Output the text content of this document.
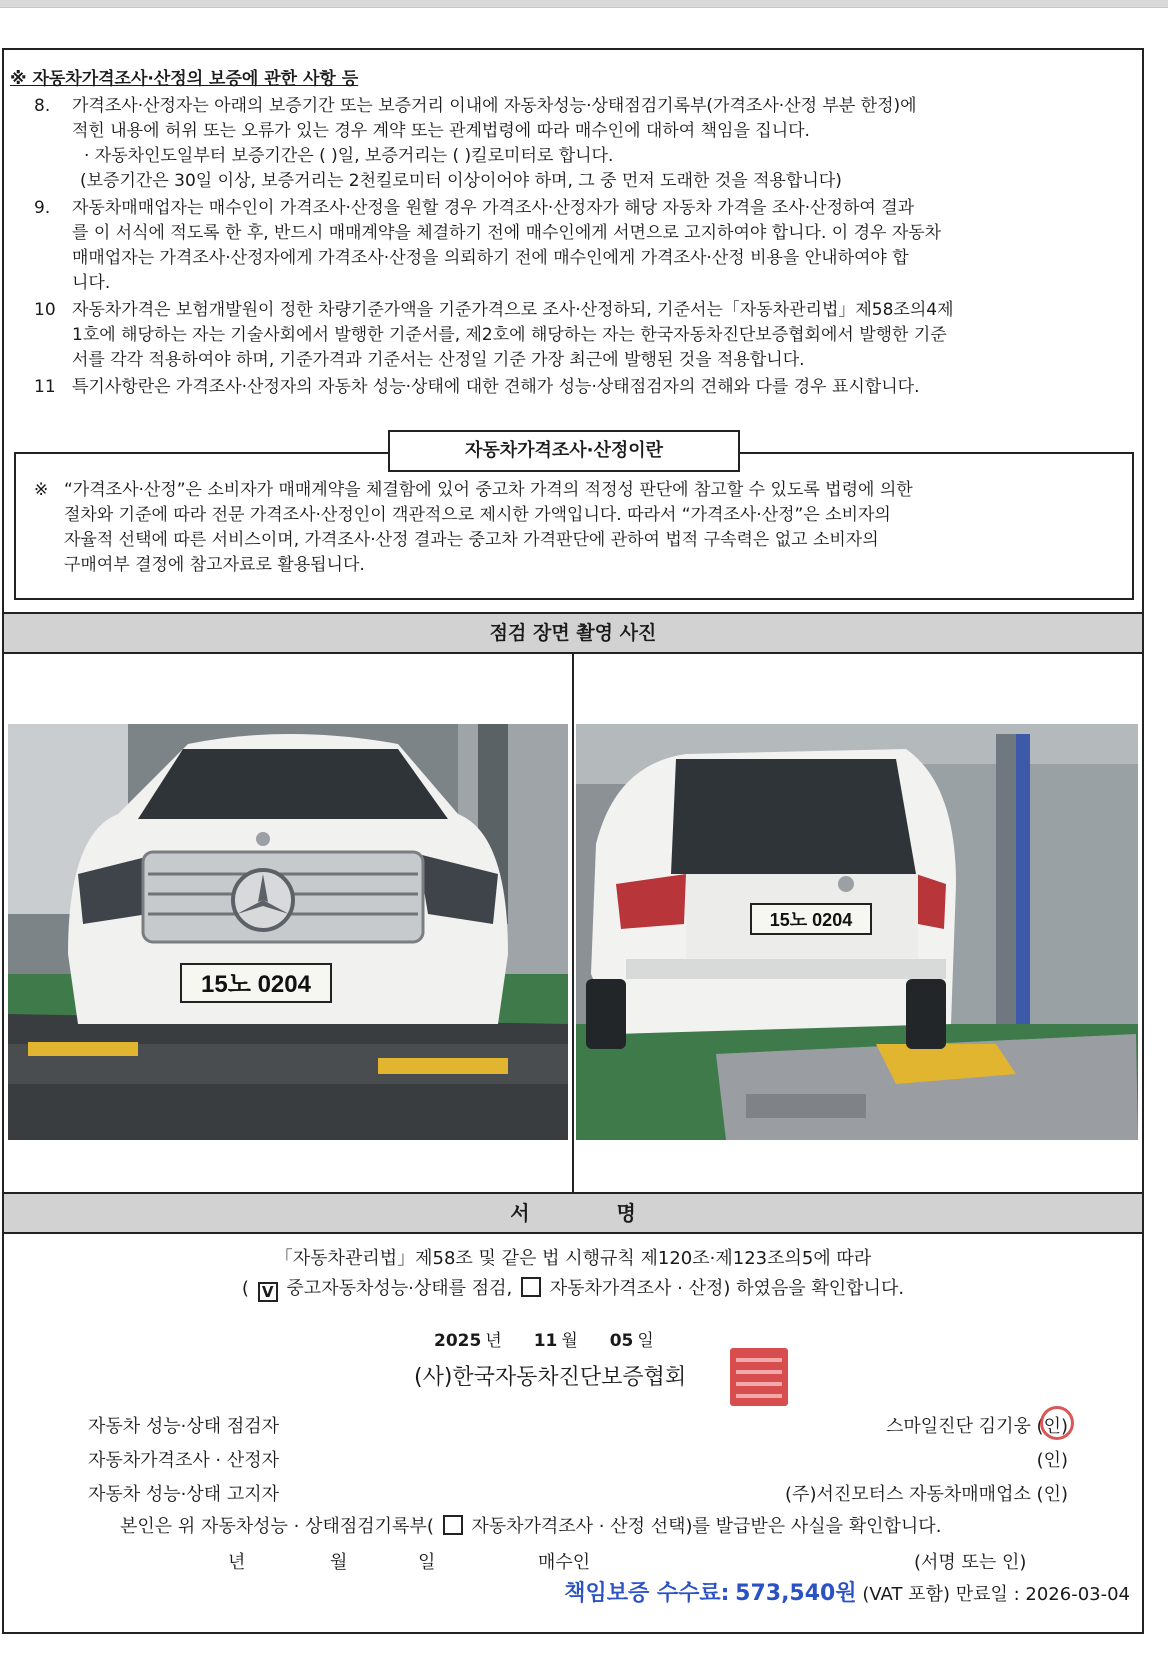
※ 자동차가격조사·산정의 보증에 관한 사항 등
8. 가격조사·산정자는 아래의 보증기간 또는 보증거리 이내에 자동차성능·상태점검기록부(가격조사·산정 부분 한정)에

적힌 내용에 허위 또는 오류가 있는 경우 계약 또는 관계법령에 따라 매수인에 대하여 책임을 집니다.

· 자동차인도일부터 보증기간은 ( )일, 보증거리는 ( )킬로미터로 합니다.

(보증기간은 30일 이상, 보증거리는 2천킬로미터 이상이어야 하며, 그 중 먼저 도래한 것을 적용합니다)

9. 자동차매매업자는 매수인이 가격조사·산정을 원할 경우 가격조사·산정자가 해당 자동차 가격을 조사·산정하여 결과

를 이 서식에 적도록 한 후, 반드시 매매계약을 체결하기 전에 매수인에게 서면으로 고지하여야 합니다. 이 경우 자동차

매매업자는 가격조사·산정자에게 가격조사·산정을 의뢰하기 전에 매수인에게 가격조사·산정 비용을 안내하여야 합

니다.

10 자동차가격은 보험개발원이 정한 차량기준가액을 기준가격으로 조사·산정하되, 기준서는「자동차관리법」제58조의4제

1호에 해당하는 자는 기술사회에서 발행한 기준서를, 제2호에 해당하는 자는 한국자동차진단보증협회에서 발행한 기준

서를 각각 적용하여야 하며, 기준가격과 기준서는 산정일 기준 가장 최근에 발행된 것을 적용합니다.

11 특기사항란은 가격조사·산정자의 자동차 성능·상태에 대한 견해가 성능·상태점검자의 견해와 다를 경우 표시합니다.

자동차가격조사·산정이란
※ “가격조사·산정”은 소비자가 매매계약을 체결함에 있어 중고차 가격의 적정성 판단에 참고할 수 있도록 법령에 의한

절차와 기준에 따라 전문 가격조사·산정인이 객관적으로 제시한 가액입니다. 따라서 “가격조사·산정”은 소비자의

자율적 선택에 따른 서비스이며, 가격조사·산정 결과는 중고차 가격판단에 관하여 법적 구속력은 없고 소비자의

구매여부 결정에 참고자료로 활용됩니다.

점검 장면 촬영 사진
15노 0204
15노 0204
서 명
「자동차관리법」제58조 및 같은 법 시행규칙 제120조·제123조의5에 따라
( V 중고자동차성능·상태를 점검, 자동차가격조사 · 산정) 하였음을 확인합니다.
2025 년 11 월 05 일
(사)한국자동차진단보증협회
자동차 성능·상태 점검자	스마일진단 김기웅 (인)
자동차가격조사 · 산정자	(인)
자동차 성능·상태 고지자	(주)서진모터스 자동차매매업소 (인)
본인은 위 자동차성능 · 상태점검기록부( 자동차가격조사 · 산정 선택)를 발급받은 사실을 확인합니다.
년	월	일	매수인	(서명 또는 인)
책임보증 수수료: 573,540원 (VAT 포함) 만료일 : 2026-03-04
